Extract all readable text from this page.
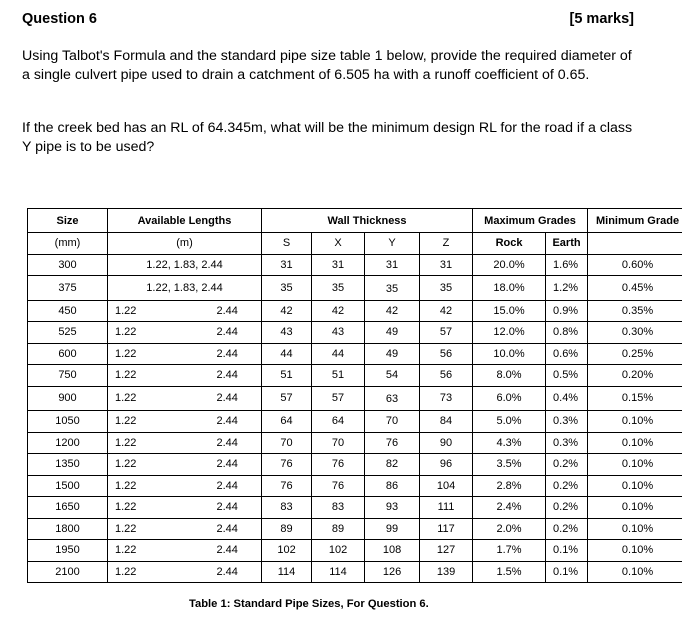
Question 6	[5 marks]
Using Talbot's Formula and the standard pipe size table 1 below, provide the required diameter of a single culvert pipe used to drain a catchment of 6.505 ha with a runoff coefficient of 0.65.
If the creek bed has an RL of 64.345m, what will be the minimum design RL for the road if a class Y pipe is to be used?
Size	Available Lengths		Wall Thickness				Maximum Grades		Minimum Grade
(mm)	(m)		S	X	Y	Z	Rock	Earth	
300	1.22, 1.83, 2.44		31	31	31	31	20.0%	1.6%	0.60%
375	1.22, 1.83, 2.44		35	35	35	35	18.0%	1.2%	0.45%
450	1.22	2.44	42	42	42	42	15.0%	0.9%	0.35%
525	1.22	2.44	43	43	49	57	12.0%	0.8%	0.30%
600	1.22	2.44	44	44	49	56	10.0%	0.6%	0.25%
750	1.22	2.44	51	51	54	56	8.0%	0.5%	0.20%
900	1.22	2.44	57	57	63	73	6.0%	0.4%	0.15%
1050	1.22	2.44	64	64	70	84	5.0%	0.3%	0.10%
1200	1.22	2.44	70	70	76	90	4.3%	0.3%	0.10%
1350	1.22	2.44	76	76	82	96	3.5%	0.2%	0.10%
1500	1.22	2.44	76	76	86	104	2.8%	0.2%	0.10%
1650	1.22	2.44	83	83	93	111	2.4%	0.2%	0.10%
1800	1.22	2.44	89	89	99	117	2.0%	0.2%	0.10%
1950	1.22	2.44	102	102	108	127	1.7%	0.1%	0.10%
2100	1.22	2.44	114	114	126	139	1.5%	0.1%	0.10%
Table 1: Standard Pipe Sizes, For Question 6.
